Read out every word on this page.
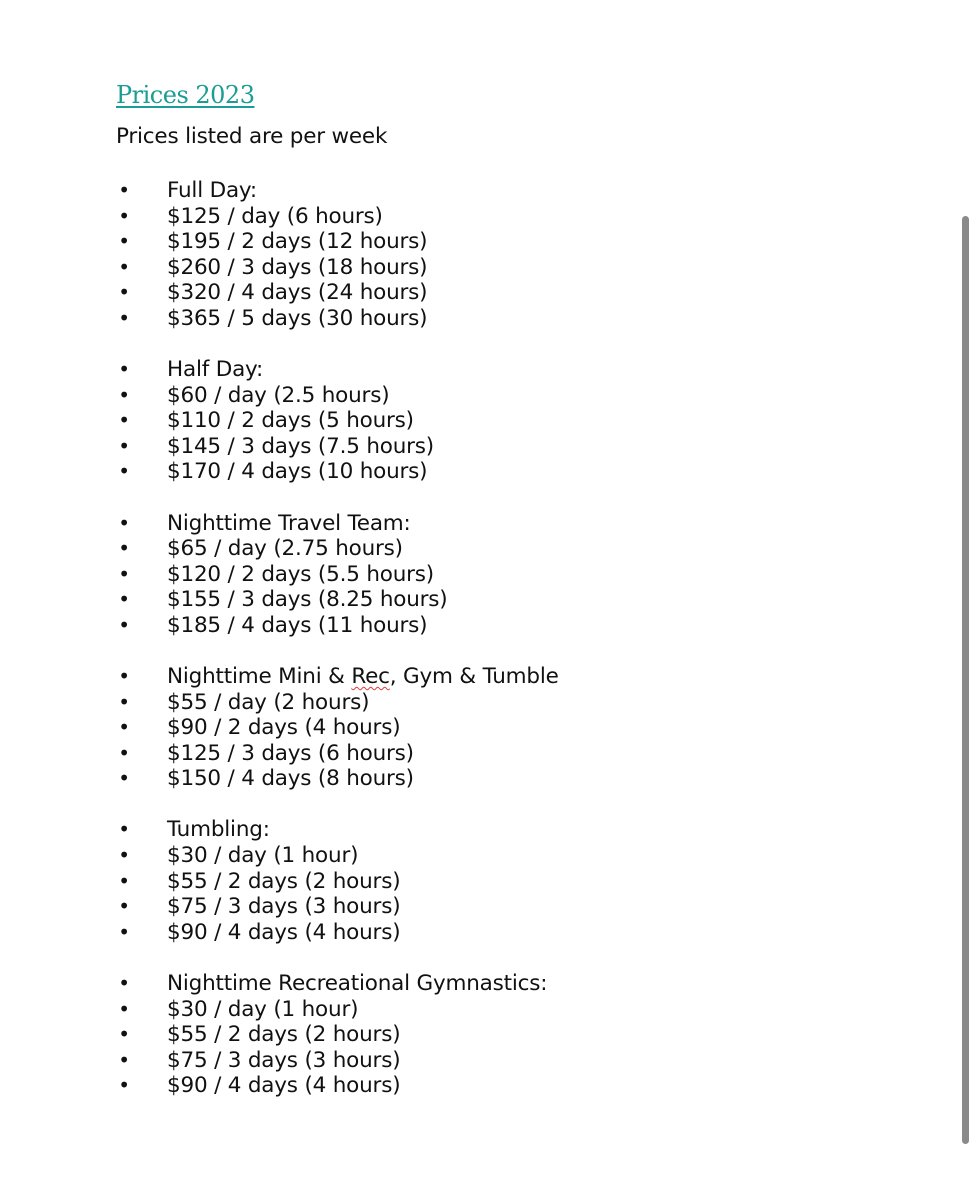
Prices 2023
Prices listed are per week
• Full Day:
• $125 / day (6 hours)
• $195 / 2 days (12 hours)
• $260 / 3 days (18 hours)
• $320 / 4 days (24 hours)
• $365 / 5 days (30 hours)
• Half Day:
• $60 / day (2.5 hours)
• $110 / 2 days (5 hours)
• $145 / 3 days (7.5 hours)
• $170 / 4 days (10 hours)
• Nighttime Travel Team:
• $65 / day (2.75 hours)
• $120 / 2 days (5.5 hours)
• $155 / 3 days (8.25 hours)
• $185 / 4 days (11 hours)
• Nighttime Mini & Rec, Gym & Tumble
• $55 / day (2 hours)
• $90 / 2 days (4 hours)
• $125 / 3 days (6 hours)
• $150 / 4 days (8 hours)
• Tumbling:
• $30 / day (1 hour)
• $55 / 2 days (2 hours)
• $75 / 3 days (3 hours)
• $90 / 4 days (4 hours)
• Nighttime Recreational Gymnastics:
• $30 / day (1 hour)
• $55 / 2 days (2 hours)
• $75 / 3 days (3 hours)
• $90 / 4 days (4 hours)
